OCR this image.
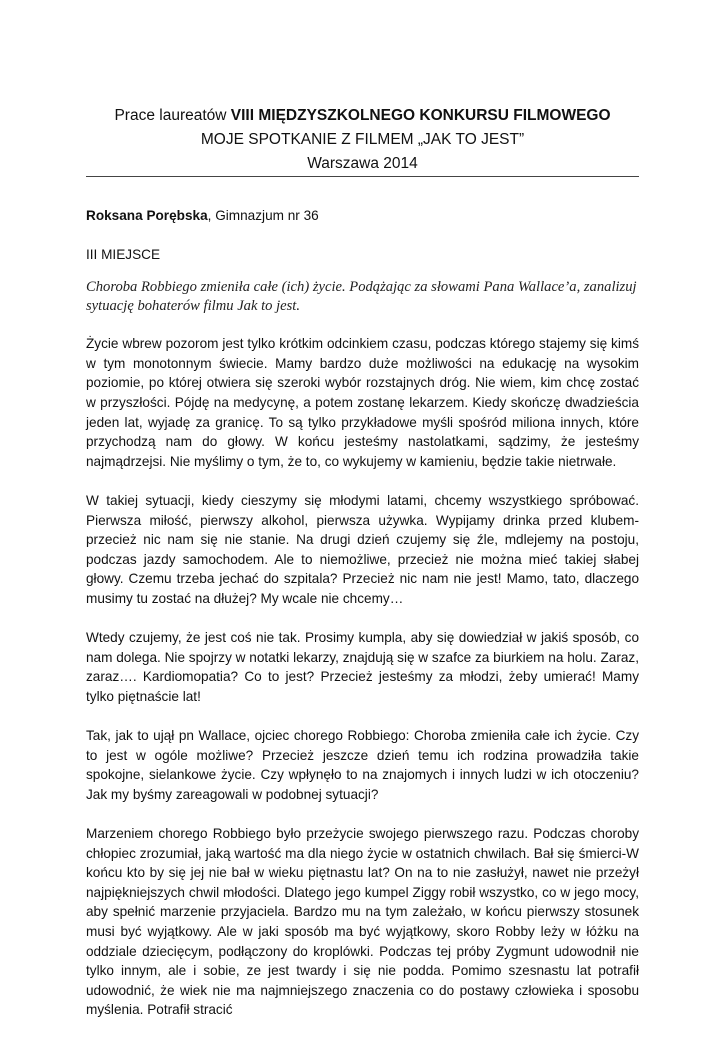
Prace laureatów VIII MIĘDZYSZKOLNEGO KONKURSU FILMOWEGO
MOJE SPOTKANIE Z FILMEM „JAK TO JEST”
Warszawa 2014

Roksana Porębska, Gimnazjum nr 36

III MIEJSCE

Choroba Robbiego zmieniła całe (ich) życie. Podążając za słowami Pana Wallace’a, zanalizuj sytuację bohaterów filmu Jak to jest.

Życie wbrew pozorom jest tylko krótkim odcinkiem czasu, podczas którego stajemy się kimś w tym monotonnym świecie. Mamy bardzo duże możliwości na edukację na wysokim poziomie, po której otwiera się szeroki wybór rozstajnych dróg. Nie wiem, kim chcę zostać w przyszłości. Pójdę na medycynę, a potem zostanę lekarzem. Kiedy skończę dwadzieścia jeden lat, wyjadę za granicę. To są tylko przykładowe myśli spośród miliona innych, które przychodzą nam do głowy. W końcu jesteśmy nastolatkami, sądzimy, że jesteśmy najmądrzejsi. Nie myślimy o tym, że to, co wykujemy w kamieniu, będzie takie nietrwałe.

W takiej sytuacji, kiedy cieszymy się młodymi latami, chcemy wszystkiego spróbować. Pierwsza miłość, pierwszy alkohol, pierwsza używka. Wypijamy drinka przed klubem- przecież nic nam się nie stanie. Na drugi dzień czujemy się źle, mdlejemy na postoju, podczas jazdy samochodem. Ale to niemożliwe, przecież nie można mieć takiej słabej głowy. Czemu trzeba jechać do szpitala? Przecież nic nam nie jest! Mamo, tato, dlaczego musimy tu zostać na dłużej? My wcale nie chcemy…

Wtedy czujemy, że jest coś nie tak. Prosimy kumpla, aby się dowiedział w jakiś sposób, co nam dolega. Nie spojrzy w notatki lekarzy, znajdują się w szafce za biurkiem na holu. Zaraz, zaraz…. Kardiomopatia? Co to jest? Przecież jesteśmy za młodzi, żeby umierać! Mamy tylko piętnaście lat!

Tak, jak to ujął pn Wallace, ojciec chorego Robbiego: Choroba zmieniła całe ich życie. Czy to jest w ogóle możliwe? Przecież jeszcze dzień temu ich rodzina prowadziła takie spokojne, sielankowe życie. Czy wpłynęło to na znajomych i innych ludzi w ich otoczeniu? Jak my byśmy zareagowali w podobnej sytuacji?

Marzeniem chorego Robbiego było przeżycie swojego pierwszego razu. Podczas choroby chłopiec zrozumiał, jaką wartość ma dla niego życie w ostatnich chwilach. Bał się śmierci-W końcu kto by się jej nie bał w wieku piętnastu lat? On na to nie zasłużył, nawet nie przeżył najpiękniejszych chwil młodości. Dlatego jego kumpel Ziggy robił wszystko, co w jego mocy, aby spełnić marzenie przyjaciela. Bardzo mu na tym zależało, w końcu pierwszy stosunek musi być wyjątkowy. Ale w jaki sposób ma być wyjątkowy, skoro Robby leży w łóżku na oddziale dziecięcym, podłączony do kroplówki. Podczas tej próby Zygmunt udowodnił nie tylko innym, ale i sobie, ze jest twardy i się nie podda. Pomimo szesnastu lat potrafił udowodnić, że wiek nie ma najmniejszego znaczenia co do postawy człowieka i sposobu myślenia. Potrafił stracić
